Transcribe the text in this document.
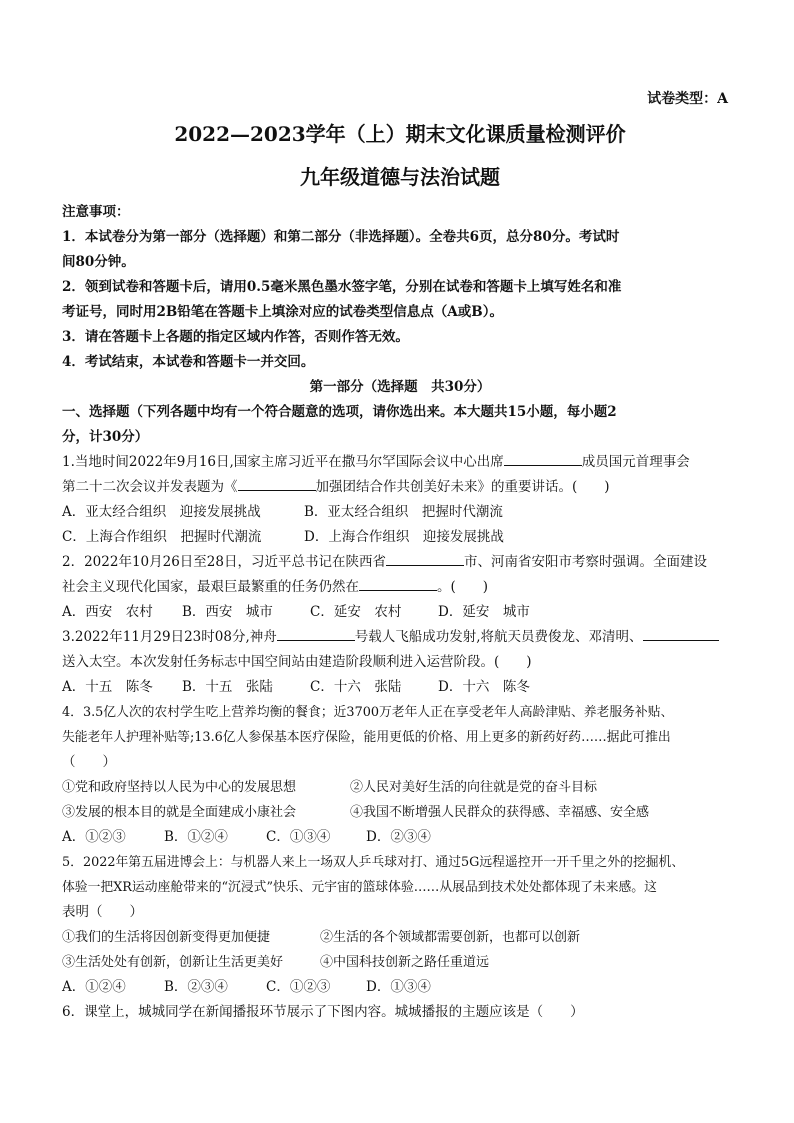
试卷类型：A
2022—2023学年（上）期末文化课质量检测评价
九年级道德与法治试题
注意事项：
1．本试卷分为第一部分（选择题）和第二部分（非选择题）。全卷共6页，总分80分。考试时
间80分钟。
2．领到试卷和答题卡后，请用0.5毫米黑色墨水签字笔，分别在试卷和答题卡上填写姓名和准
考证号，同时用2B铅笔在答题卡上填涂对应的试卷类型信息点（A或B）。
3．请在答题卡上各题的指定区域内作答，否则作答无效。
4．考试结束，本试卷和答题卡一并交回。
第一部分（选择题　共30分）
一、选择题（下列各题中均有一个符合题意的选项，请你选出来。本大题共15小题，每小题2
分，计30分）
1.当地时间2022年9月16日,国家主席习近平在撒马尔罕国际会议中心出席	成员国元首理事会
第二十二次会议并发表题为《	加强团结合作共创美好未来》的重要讲话。(　　)
A．亚太经合组织　迎接发展挑战	B．亚太经合组织　把握时代潮流
C．上海合作组织　把握时代潮流	D．上海合作组织　迎接发展挑战
2．2022年10月26日至28日，习近平总书记在陕西省	市、河南省安阳市考察时强调。全面建设
社会主义现代化国家，最艰巨最繁重的任务仍然在	。(　　)
A．西安　农村	B．西安　城市	C．延安　农村	D．延安　城市
3.2022年11月29日23时08分,神舟	号载人飞船成功发射,将航天员费俊龙、邓清明、
送入太空。本次发射任务标志中国空间站由建造阶段顺利进入运营阶段。(　　)
A．十五　陈冬	B．十五　张陆	C．十六　张陆	D．十六　陈冬
4．3.5亿人次的农村学生吃上营养均衡的餐食；近3700万老年人正在享受老年人高龄津贴、养老服务补贴、
失能老年人护理补贴等;13.6亿人参保基本医疗保险，能用更低的价格、用上更多的新药好药……据此可推出
（　　）
①党和政府坚持以人民为中心的发展思想	②人民对美好生活的向往就是党的奋斗目标
③发展的根本目的就是全面建成小康社会	④我国不断增强人民群众的获得感、幸福感、安全感
A．①②③	B．①②④	C．①③④	D．②③④
5．2022年第五届进博会上：与机器人来上一场双人乒乓球对打、通过5G远程遥控开一开千里之外的挖掘机、
体验一把XR运动座舱带来的“沉浸式”快乐、元宇宙的篮球体验……从展品到技术处处都体现了未来感。这
表明（　　）
①我们的生活将因创新变得更加便捷	②生活的各个领域都需要创新，也都可以创新
③生活处处有创新，创新让生活更美好	④中国科技创新之路任重道远
A．①②④	B．②③④	C．①②③	D．①③④
6．课堂上，城城同学在新闻播报环节展示了下图内容。城城播报的主题应该是（　　）
